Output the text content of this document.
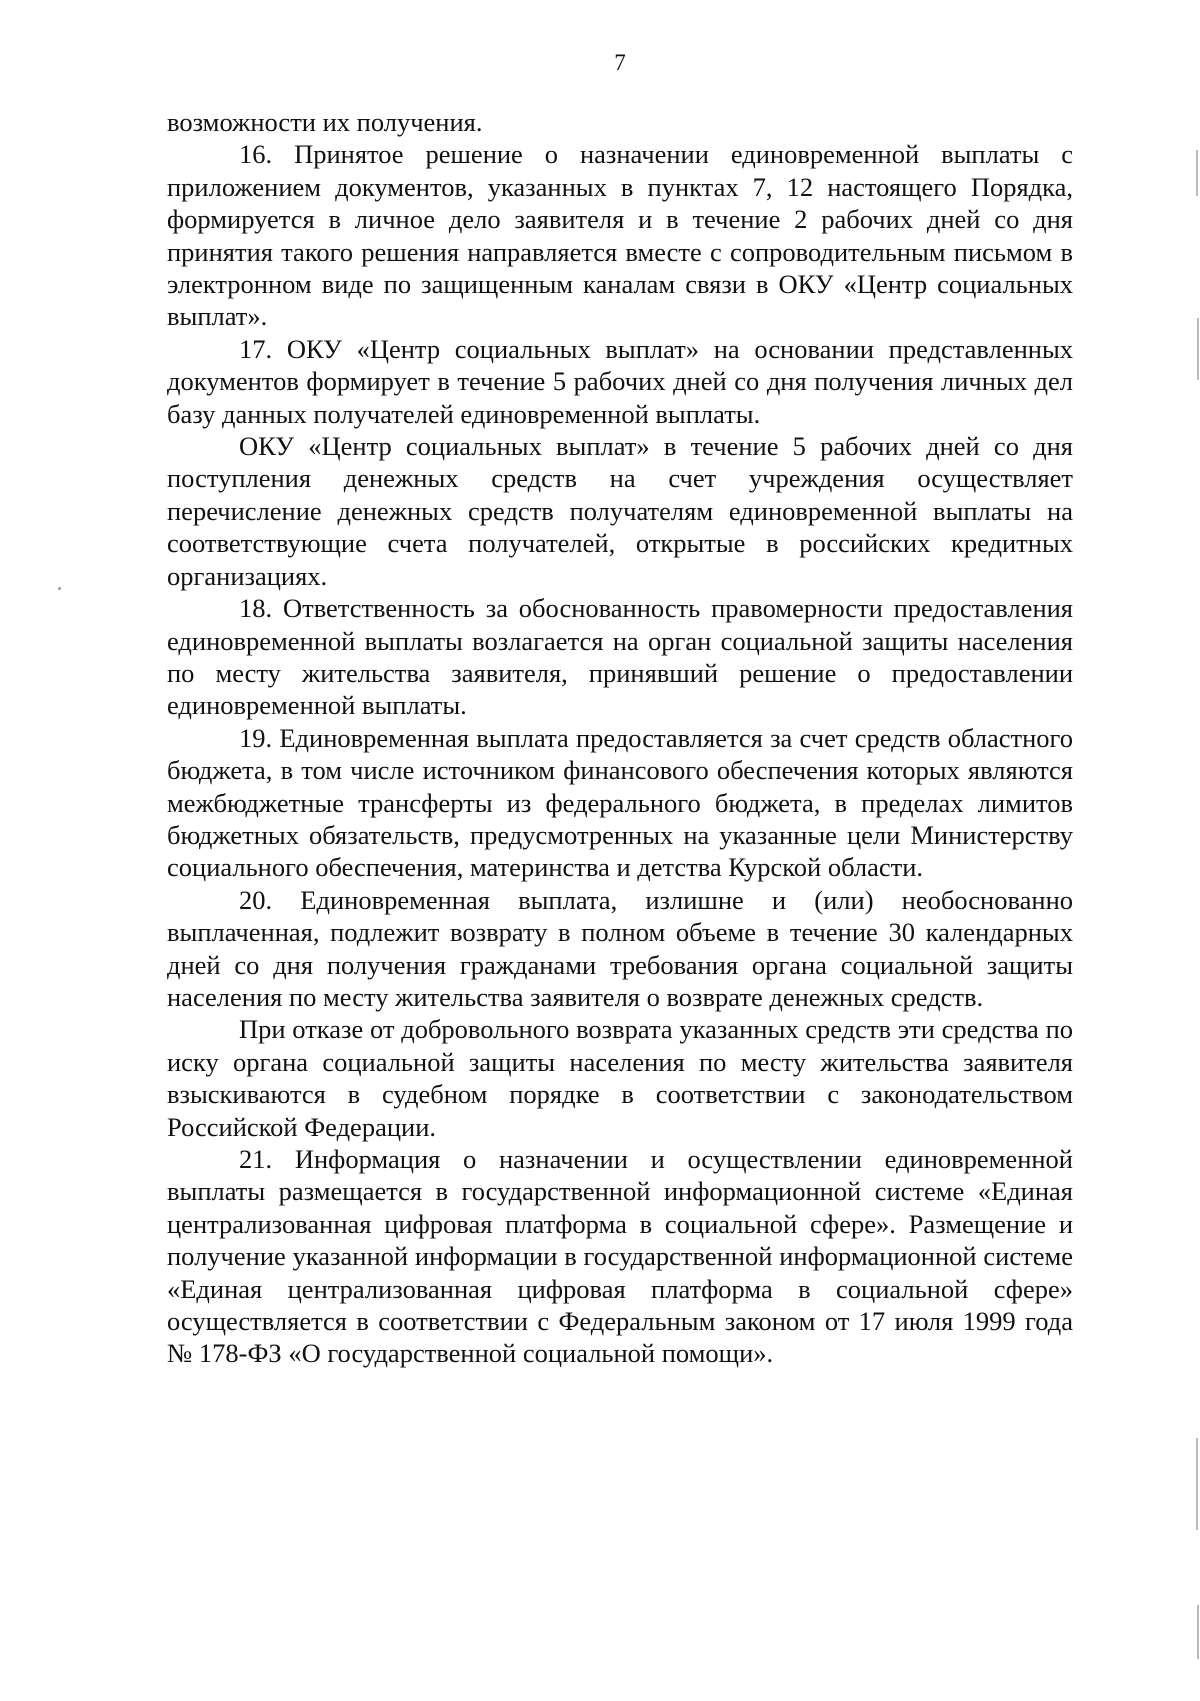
7

возможности их получения.

16. Принятое решение о назначении единовременной выплаты с приложением документов, указанных в пунктах 7, 12 настоящего Порядка, формируется в личное дело заявителя и в течение 2 рабочих дней со дня принятия такого решения направляется вместе с сопроводительным письмом в электронном виде по защищенным каналам связи в ОКУ «Центр социальных выплат».

17. ОКУ «Центр социальных выплат» на основании представленных документов формирует в течение 5 рабочих дней со дня получения личных дел базу данных получателей единовременной выплаты.

ОКУ «Центр социальных выплат» в течение 5 рабочих дней со дня поступления денежных средств на счет учреждения осуществляет перечисление денежных средств получателям единовременной выплаты на соответствующие счета получателей, открытые в российских кредитных организациях.

18. Ответственность за обоснованность правомерности предоставления единовременной выплаты возлагается на орган социальной защиты населения по месту жительства заявителя, принявший решение о предоставлении единовременной выплаты.

19. Единовременная выплата предоставляется за счет средств областного бюджета, в том числе источником финансового обеспечения которых являются межбюджетные трансферты из федерального бюджета, в пределах лимитов бюджетных обязательств, предусмотренных на указанные цели Министерству социального обеспечения, материнства и детства Курской области.

20. Единовременная выплата, излишне и (или) необоснованно выплаченная, подлежит возврату в полном объеме в течение 30 календарных дней со дня получения гражданами требования органа социальной защиты населения по месту жительства заявителя о возврате денежных средств.

При отказе от добровольного возврата указанных средств эти средства по иску органа социальной защиты населения по месту жительства заявителя взыскиваются в судебном порядке в соответствии с законодательством Российской Федерации.

21. Информация о назначении и осуществлении единовременной выплаты размещается в государственной информационной системе «Единая централизованная цифровая платформа в социальной сфере». Размещение и получение указанной информации в государственной информационной системе «Единая централизованная цифровая платформа в социальной сфере» осуществляется в соответствии с Федеральным законом от 17 июля 1999 года № 178-ФЗ «О государственной социальной помощи».
